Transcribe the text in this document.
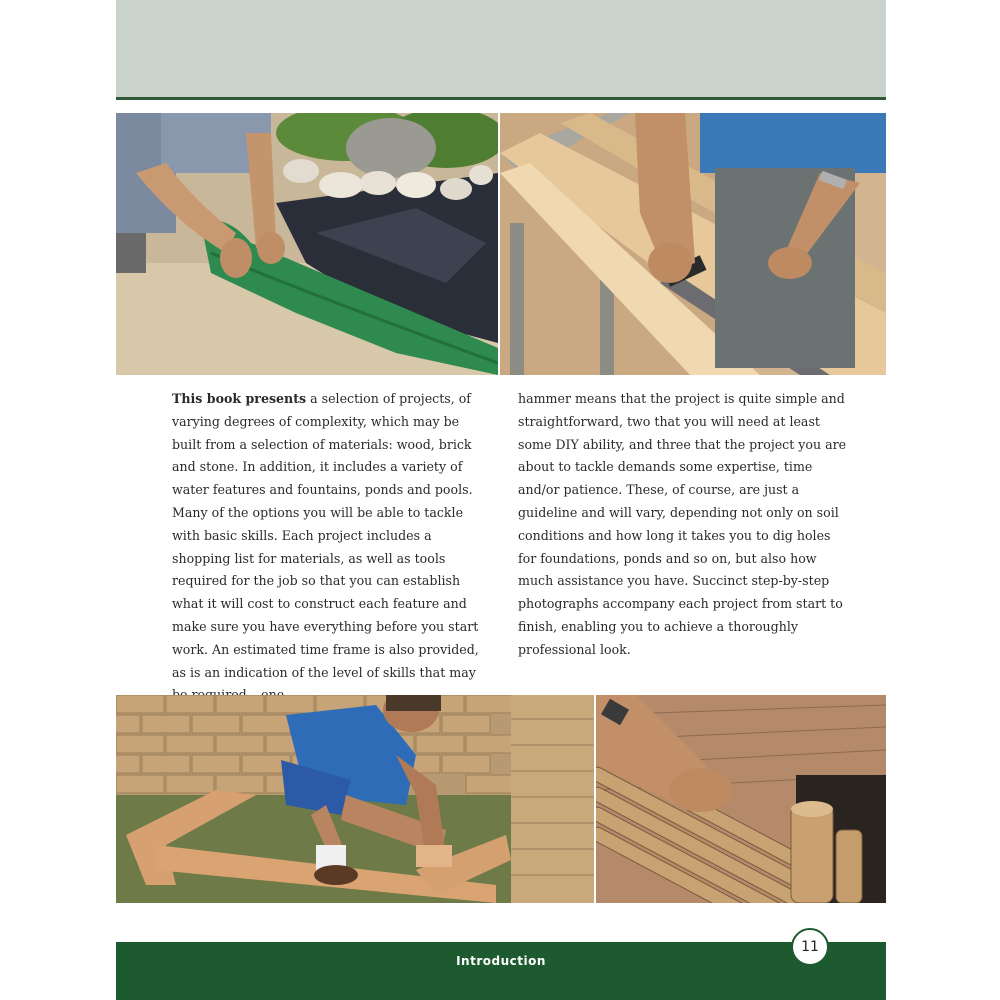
This book presents a selection of projects, of varying degrees of complexity, which may be built from a selection of materials: wood, brick and stone. In addition, it includes a variety of water features and fountains, ponds and pools. Many of the options you will be able to tackle with basic skills. Each project includes a shopping list for materials, as well as tools required for the job so that you can establish what it will cost to construct each feature and make sure you have everything before you start work. An estimated time frame is also provided, as is an indication of the level of skills that may
hammer means that the project is quite simple and straightforward, two that you will need at least some DIY ability, and three that the project you are about to tackle demands some expertise, time and/or patience. These, of course, are just a guideline and will vary, depending not only on soil conditions and how long it takes you to dig holes for foundations, ponds and so on, but also how much assistance you have. Succinct step-by-step photographs accompany each project from start to finish, enabling you to achieve a thoroughly professional look.
Introduction
11
